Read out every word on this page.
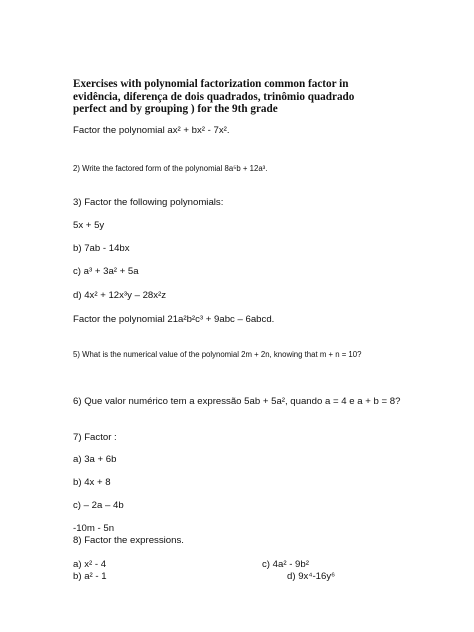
Exercises with polynomial factorization common factor in
evidência, diferença de dois quadrados, trinômio quadrado
perfect and by grouping ) for the 9th grade
Factor the polynomial ax² + bx² - 7x².
2) Write the factored form of the polynomial 8a⁵b + 12a³.
3) Factor the following polynomials:
5x + 5y
b) 7ab - 14bx
c) a³ + 3a² + 5a
d) 4x² + 12x³y – 28x²z
Factor the polynomial 21a²b²c³ + 9abc – 6abcd.
5) What is the numerical value of the polynomial 2m + 2n, knowing that m + n = 10?
6) Que valor numérico tem a expressão 5ab + 5a², quando a = 4 e a + b = 8?
7) Factor :
a) 3a + 6b
b) 4x + 8
c) – 2a – 4b
-10m - 5n
8) Factor the expressions.
a) x² - 4	c) 4a² - 9b²
b) a² - 1	d) 9x⁴-16y⁶
